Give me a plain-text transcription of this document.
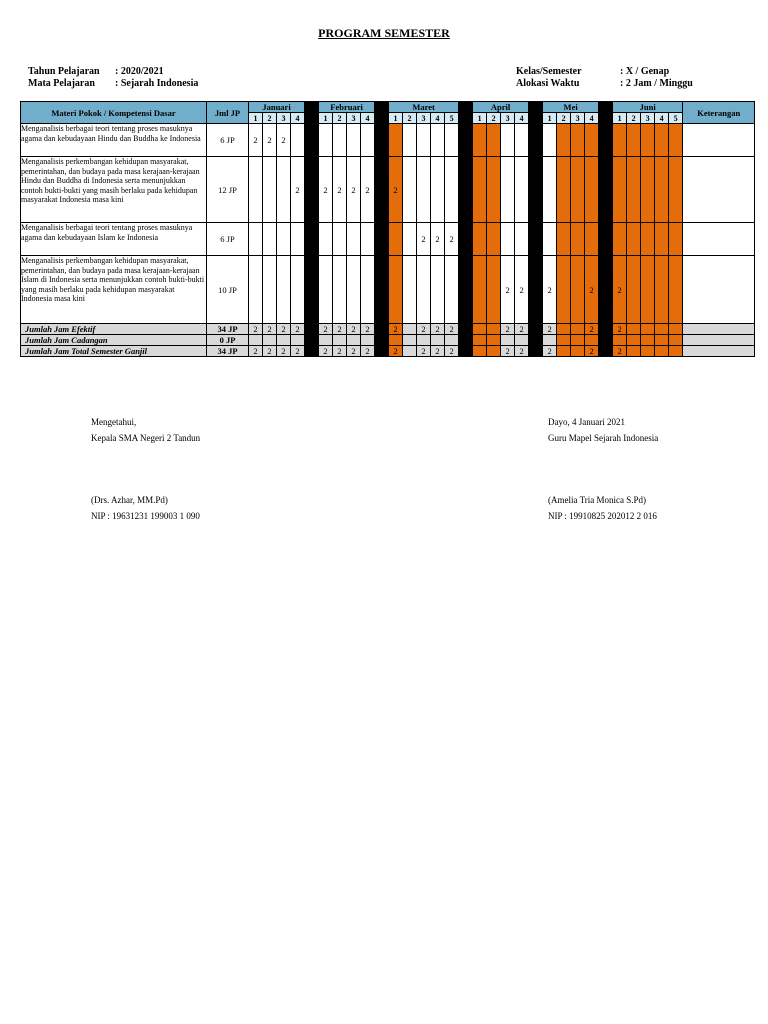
PROGRAM SEMESTER
Tahun Pelajaran : 2020/2021
Mata Pelajaran : Sejarah Indonesia
Kelas/Semester	: X / Genap
Alokasi Waktu	: 2 Jam / Minggu
Materi Pokok / Kompetensi Dasar	Jml JP	Januari					Februari					Maret						April					Mei					Juni					Keterangan
		1	2	3	4		1	2	3	4		1	2	3	4	5		1	2	3	4		1	2	3	4		1	2	3	4	5	
Menganalisis berbagai teori tentang proses masuknya agama dan kebudayaan Hindu dan Buddha ke Indonesia	6 JP	2	2	2																													
Menganalisis perkembangan kehidupan masyarakat, pemerintahan, dan budaya pada masa kerajaan-kerajaan Hindu dan Buddha di Indonesia serta menunjukkan contoh bukti-bukti yang masih berlaku pada kehidupan masyarakat Indonesia masa kini	12 JP				2		2	2	2	2		2																					
Menganalisis berbagai teori tentang proses masuknya agama dan kebudayaan Islam ke Indonesia	6 JP													2	2	2																	
Menganalisis perkembangan kehidupan masyarakat, pemerintahan, dan budaya pada masa kerajaan-kerajaan Islam di Indonesia serta menunjukkan contoh bukti-bukti yang masih berlaku pada kehidupan masyarakat Indonesia masa kini	10 JP																			2	2		2			2		2					
Jumlah Jam Efektif	34 JP	2	2	2	2		2	2	2	2		2		2	2	2				2	2		2			2		2					
Jumlah Jam Cadangan	0 JP																																
Jumlah Jam Total Semester Ganjil	34 JP	2	2	2	2		2	2	2	2		2		2	2	2				2	2		2			2		2					
Mengetahui,
Kepala SMA Negeri 2 Tandun
(Drs. Azhar, MM.Pd)
NIP : 19631231 199003 1 090
Dayo, 4 Januari 2021
Guru Mapel Sejarah Indonesia
(Amelia Tria Monica S.Pd)
NIP : 19910825 202012 2 016
